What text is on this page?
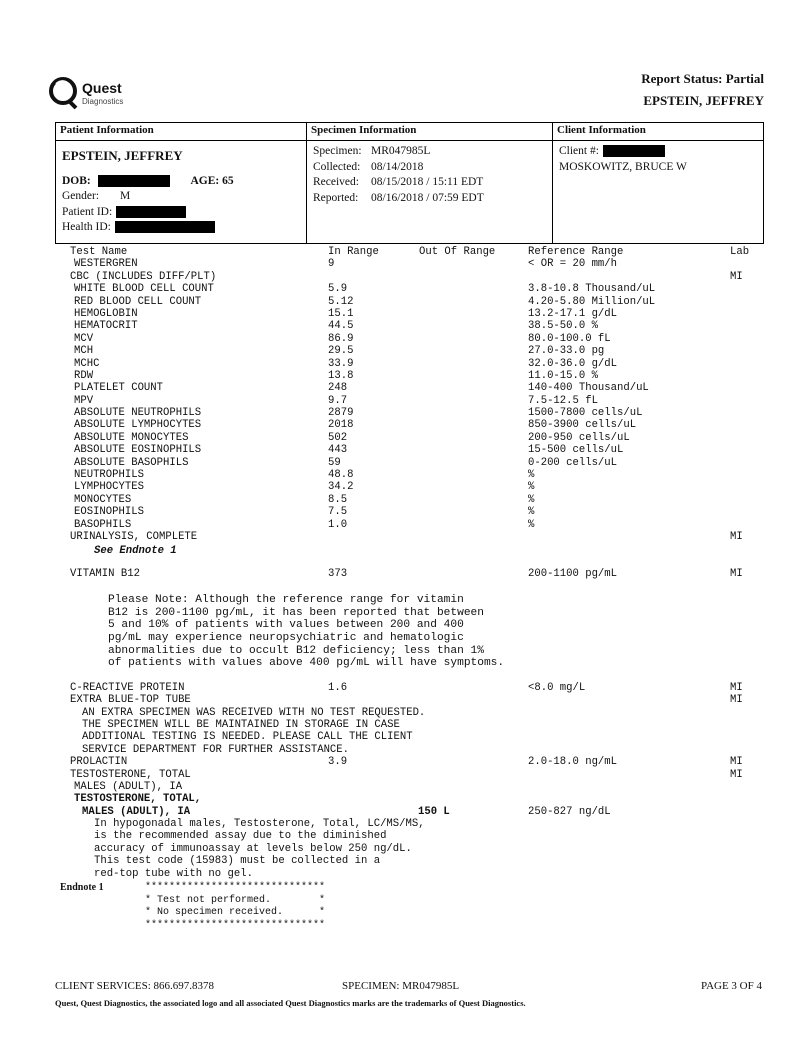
Quest
Diagnostics
Report Status: Partial
EPSTEIN, JEFFREY
Patient Information
EPSTEIN, JEFFREY
DOB:	AGE: 65
Gender: M
Patient ID:
Health ID:
Specimen Information
Specimen: MR047985L
Collected: 08/14/2018
Received: 08/15/2018 / 15:11 EDT
Reported: 08/16/2018 / 07:59 EDT
Client Information
Client #:
MOSKOWITZ, BRUCE W
Test Name	In Range	Out Of Range	Reference Range	Lab
WESTERGREN	9	< OR = 20 mm/h
CBC (INCLUDES DIFF/PLT)	MI
WHITE BLOOD CELL COUNT	5.9	3.8-10.8 Thousand/uL
RED BLOOD CELL COUNT	5.12	4.20-5.80 Million/uL
HEMOGLOBIN	15.1	13.2-17.1 g/dL
HEMATOCRIT	44.5	38.5-50.0 %
MCV	86.9	80.0-100.0 fL
MCH	29.5	27.0-33.0 pg
MCHC	33.9	32.0-36.0 g/dL
RDW	13.8	11.0-15.0 %
PLATELET COUNT	248	140-400 Thousand/uL
MPV	9.7	7.5-12.5 fL
ABSOLUTE NEUTROPHILS	2879	1500-7800 cells/uL
ABSOLUTE LYMPHOCYTES	2018	850-3900 cells/uL
ABSOLUTE MONOCYTES	502	200-950 cells/uL
ABSOLUTE EOSINOPHILS	443	15-500 cells/uL
ABSOLUTE BASOPHILS	59	0-200 cells/uL
NEUTROPHILS	48.8	%
LYMPHOCYTES	34.2	%
MONOCYTES	8.5	%
EOSINOPHILS	7.5	%
BASOPHILS	1.0	%
URINALYSIS, COMPLETE	MI
See Endnote 1
VITAMIN B12	373	200-1100 pg/mL	MI
Please Note: Although the reference range for vitamin
B12 is 200-1100 pg/mL, it has been reported that between
5 and 10% of patients with values between 200 and 400
pg/mL may experience neuropsychiatric and hematologic
abnormalities due to occult B12 deficiency; less than 1%
of patients with values above 400 pg/mL will have symptoms.
C-REACTIVE PROTEIN	1.6	<8.0 mg/L	MI
EXTRA BLUE-TOP TUBE	MI
AN EXTRA SPECIMEN WAS RECEIVED WITH NO TEST REQUESTED.
THE SPECIMEN WILL BE MAINTAINED IN STORAGE IN CASE
ADDITIONAL TESTING IS NEEDED. PLEASE CALL THE CLIENT
SERVICE DEPARTMENT FOR FURTHER ASSISTANCE.
PROLACTIN	3.9	2.0-18.0 ng/mL	MI
TESTOSTERONE, TOTAL	MI
MALES (ADULT), IA
TESTOSTERONE, TOTAL,
MALES (ADULT), IA	150 L	250-827 ng/dL
In hypogonadal males, Testosterone, Total, LC/MS/MS,
is the recommended assay due to the diminished
accuracy of immunoassay at levels below 250 ng/dL.
This test code (15983) must be collected in a
red-top tube with no gel.
Endnote 1	******************************
* Test not performed.        *
* No specimen received.      *
******************************
CLIENT SERVICES: 866.697.8378	SPECIMEN: MR047985L	PAGE 3 OF 4
Quest, Quest Diagnostics, the associated logo and all associated Quest Diagnostics marks are the trademarks of Quest Diagnostics.
